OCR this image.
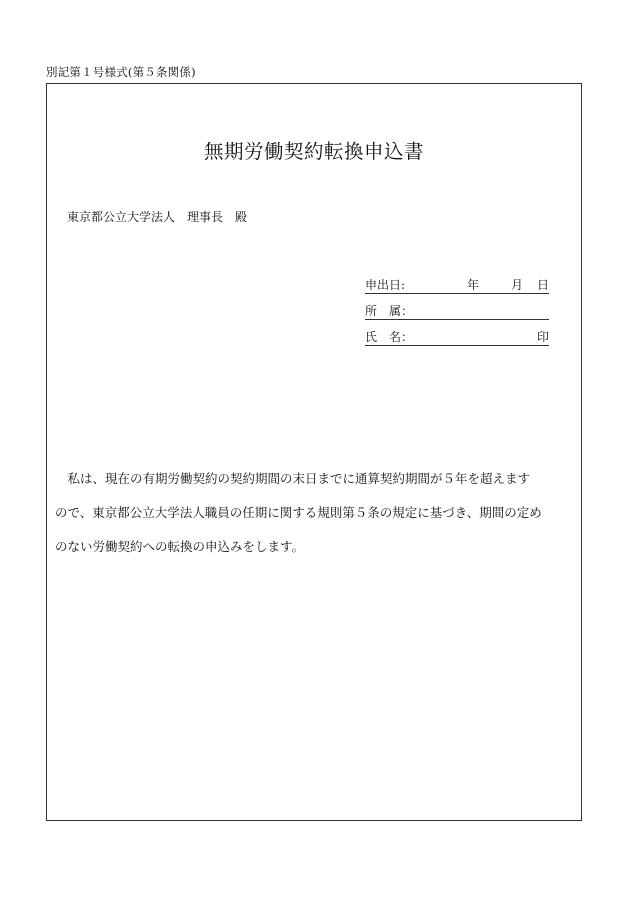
別記第１号様式(第５条関係)
無期労働契約転換申込書
東京都公立大学法人　理事長　殿
申出日:	年	月 日
所　属：
氏　名：	印

　私は、現在の有期労働契約の契約期間の末日までに通算契約期間が５年を超えます
ので、東京都公立大学法人職員の任期に関する規則第５条の規定に基づき、期間の定め
のない労働契約への転換の申込みをします。
